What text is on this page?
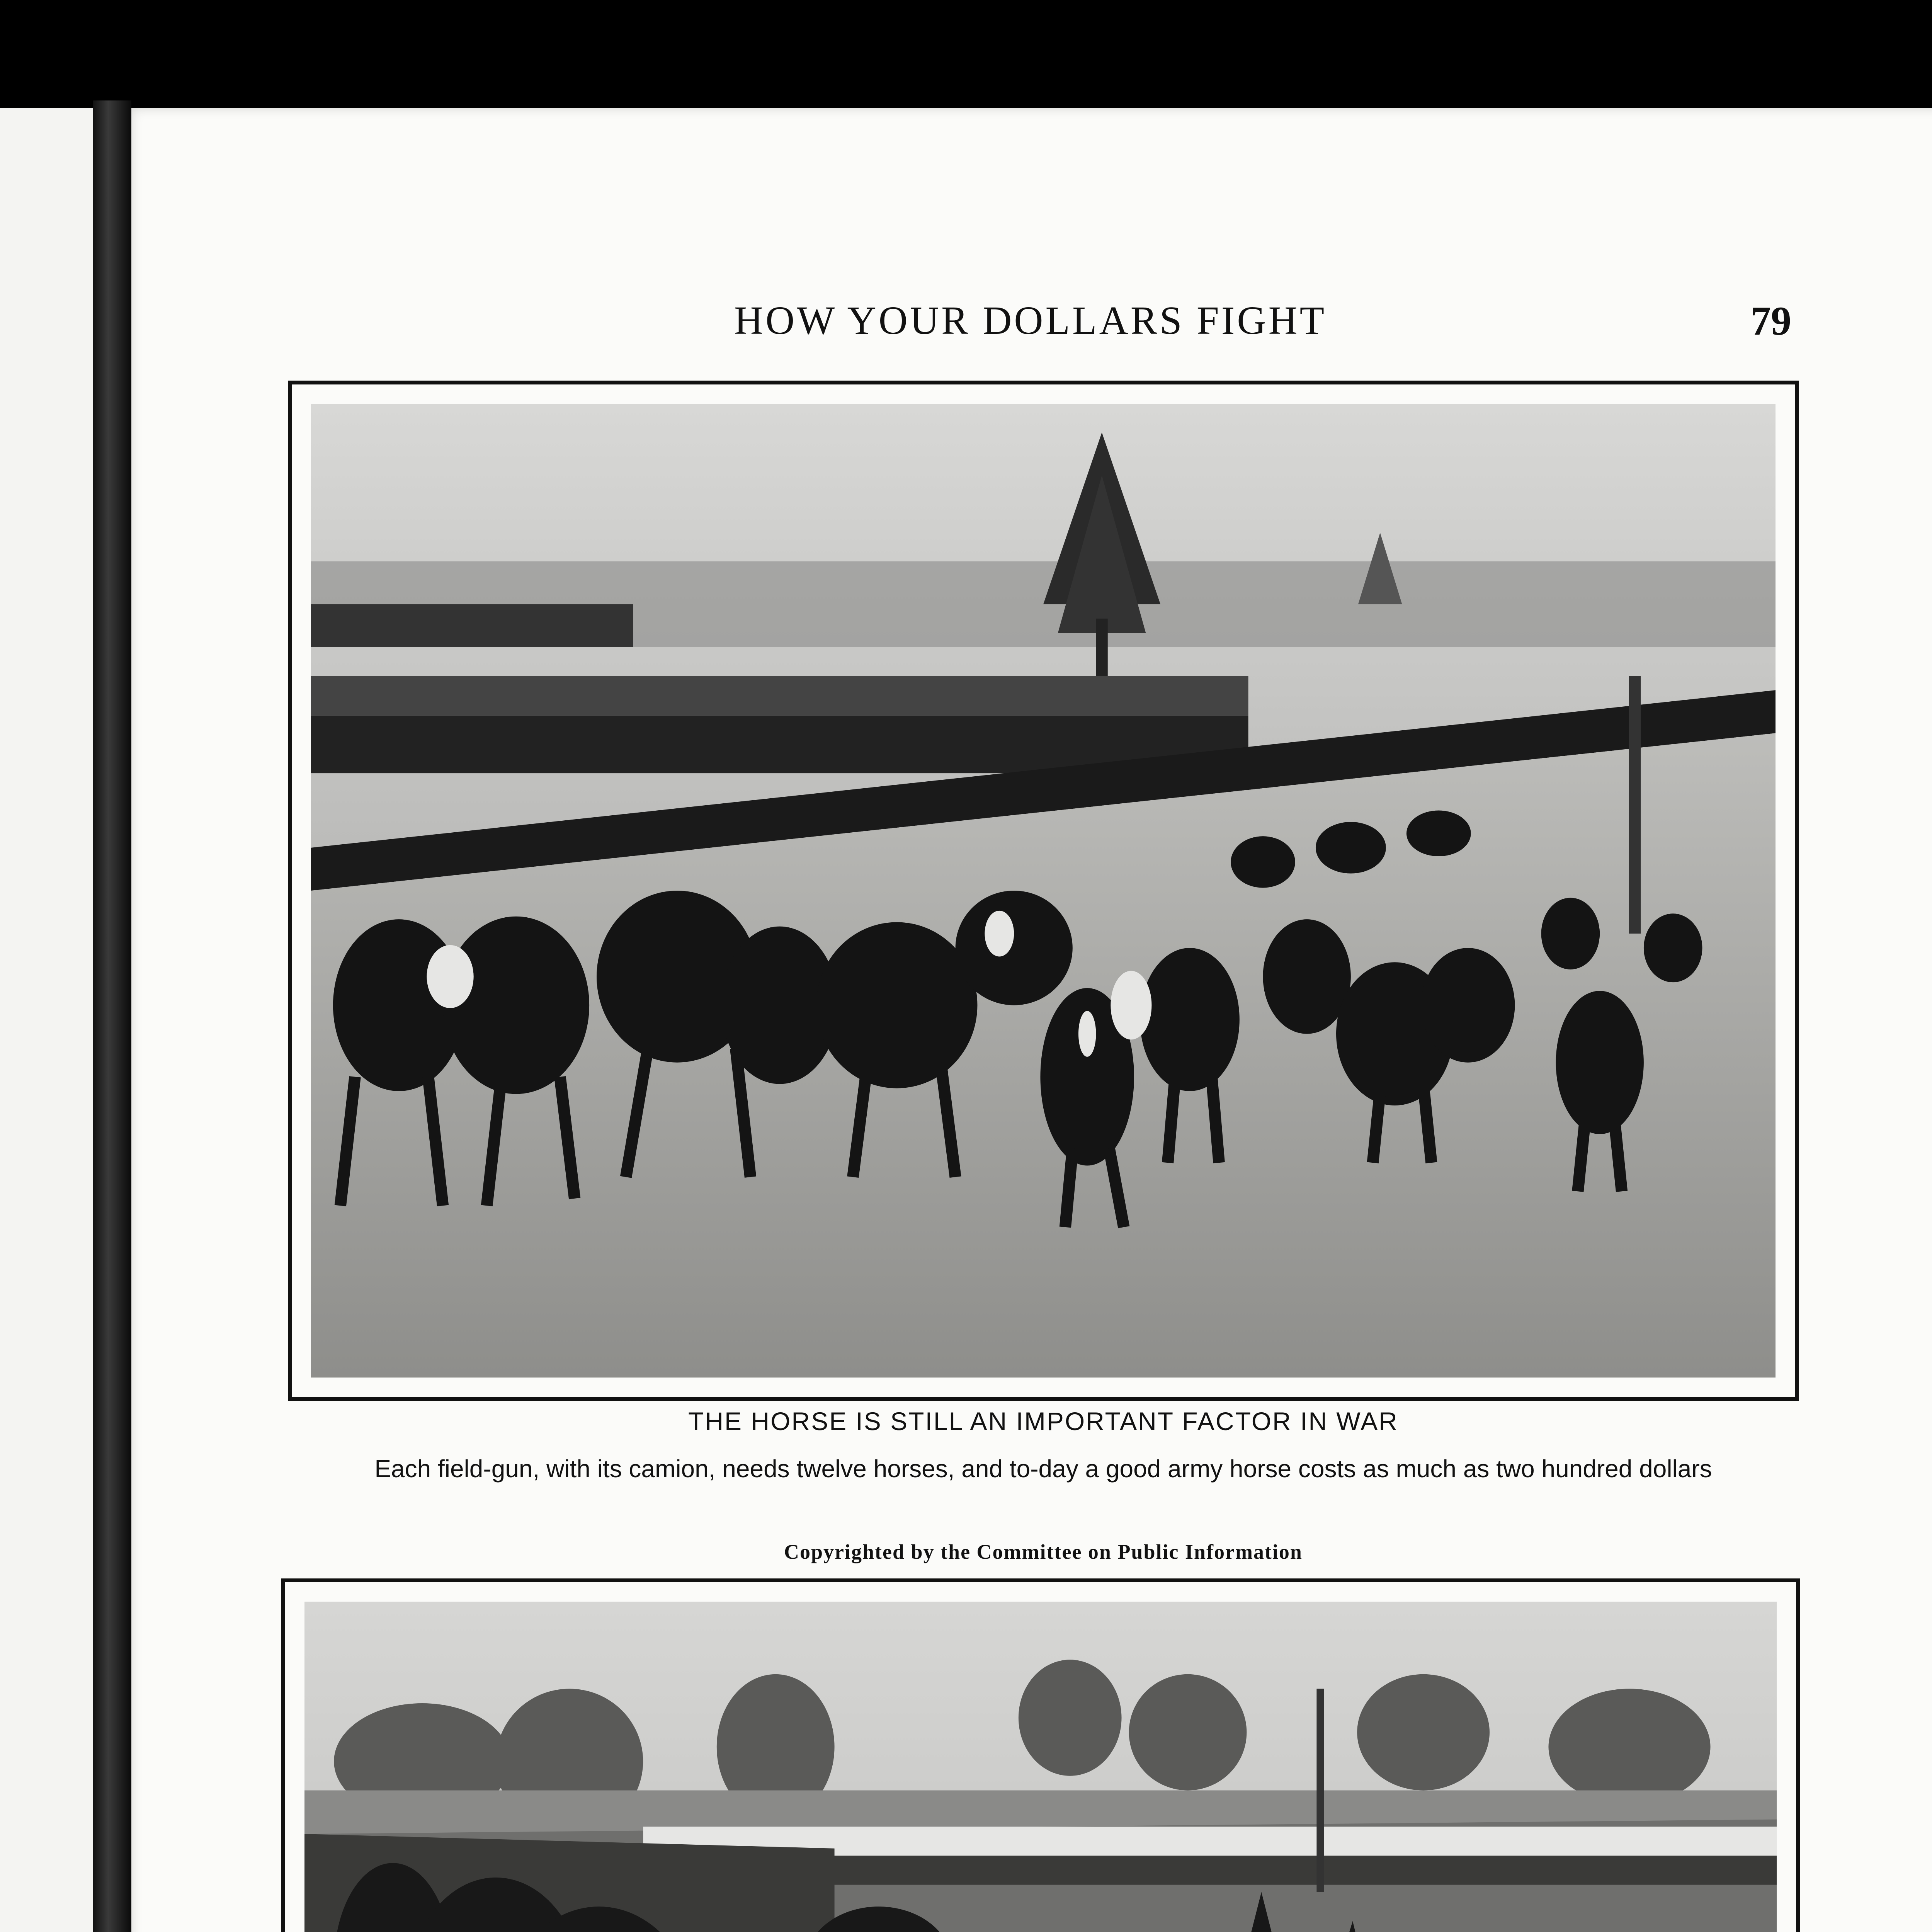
HOW YOUR DOLLARS FIGHT	79
THE HORSE IS STILL AN IMPORTANT FACTOR IN WAR
Each field-gun, with its camion, needs twelve horses, and to-day a good army horse costs as much as two hundred dollars
Copyrighted by the Committee on Public Information
